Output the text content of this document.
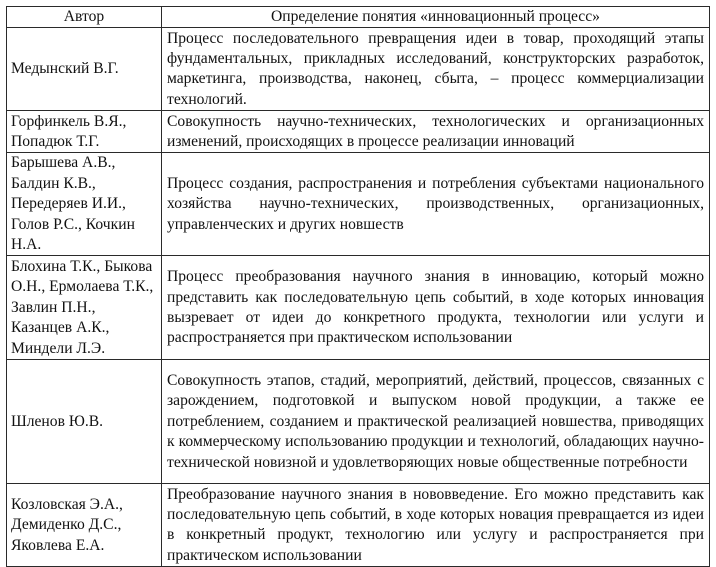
Автор	Определение понятия «инновационный процесс»
Медынский В.Г.	Процесс последовательного превращения идеи в товар, проходящий этапы фундаментальных, прикладных исследований, конструкторских разработок, маркетинга, производства, наконец, сбыта, – процесс коммерциализации технологий.
Горфинкель В.Я., Попадюк Т.Г.	Совокупность научно-технических, технологических и организационных изменений, происходящих в процессе реализации инноваций
Барышева А.В., Балдин К.В., Передеряев И.И., Голов Р.С., Кочкин Н.А.	Процесс создания, распространения и потребления субъектами национального хозяйства научно-технических, производственных, организационных, управленческих и других новшеств
Блохина Т.К., Быкова О.Н., Ермолаева Т.К., Завлин П.Н., Казанцев А.К., Миндели Л.Э.	Процесс преобразования научного знания в инновацию, который можно представить как последовательную цепь событий, в ходе которых инновация вызревает от идеи до конкретного продукта, технологии или услуги и распространяется при практическом использовании
Шленов Ю.В.	Совокупность этапов, стадий, мероприятий, действий, процессов, связанных с зарождением, подготовкой и выпуском новой продукции, а также ее потреблением, созданием и практической реализацией новшества, приводящих к коммерческому использованию продукции и технологий, обладающих научно-технической новизной и удовлетворяющих новые общественные потребности
Козловская Э.А., Демиденко Д.С., Яковлева Е.А.	Преобразование научного знания в нововведение. Его можно представить как последовательную цепь событий, в ходе которых новация превращается из идеи в конкретный продукт, технологию или услугу и распространяется при практическом использовании
